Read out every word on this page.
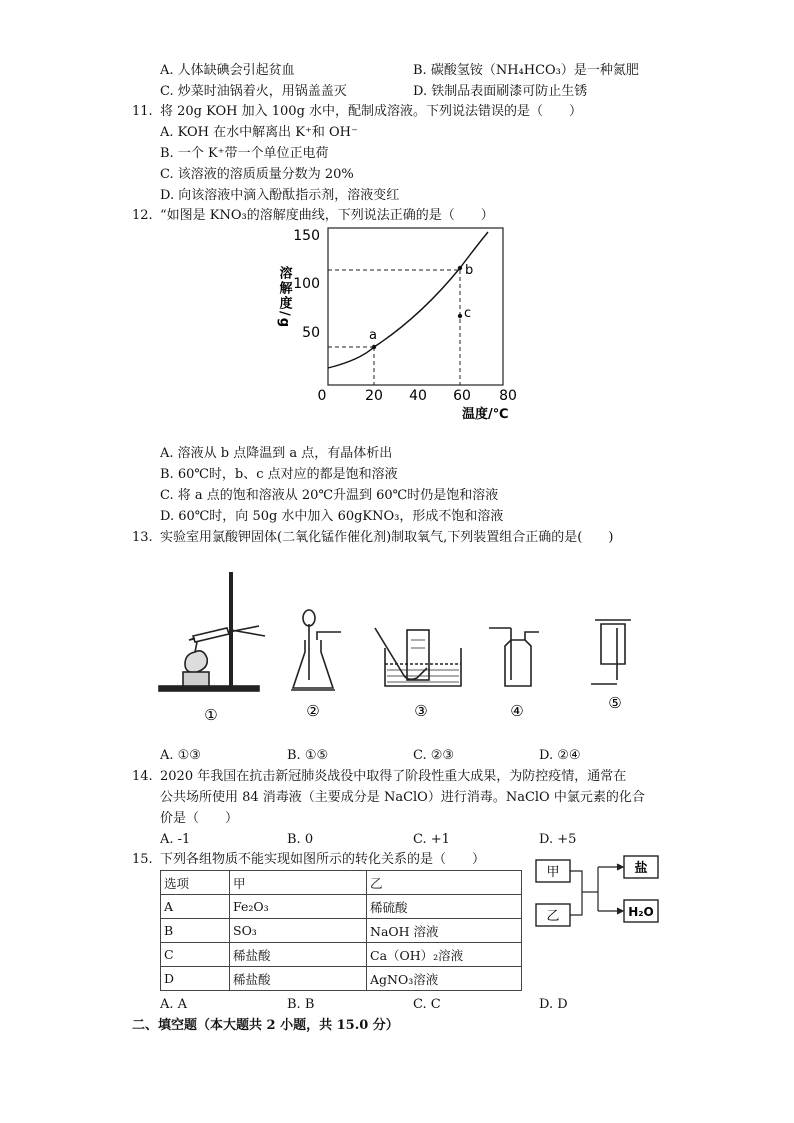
A. 人体缺碘会引起贫血	B. 碳酸氢铵（NH₄HCO₃）是一种氮肥
C. 炒菜时油锅着火，用锅盖盖灭	D. 铁制品表面刷漆可防止生锈
11. 将 20g KOH 加入 100g 水中，配制成溶液。下列说法错误的是（　　）
A. KOH 在水中解离出 K⁺和 OH⁻
B. 一个 K⁺带一个单位正电荷
C. 该溶液的溶质质量分数为 20%
D. 向该溶液中滴入酚酞指示剂，溶液变红
12. “如图是 KNO₃的溶解度曲线，下列说法正确的是（　　）
溶解度/g
150
100
50
0	20 40 60 80
温度/℃
a
b
c
A. 溶液从 b 点降温到 a 点，有晶体析出
B. 60℃时，b、c 点对应的都是饱和溶液
C. 将 a 点的饱和溶液从 20℃升温到 60℃时仍是饱和溶液
D. 60℃时，向 50g 水中加入 60gKNO₃，形成不饱和溶液
13. 实验室用氯酸钾固体(二氧化锰作催化剂)制取氧气,下列装置组合正确的是(　　)
①	②	③	④	⑤
A. ①③	B. ①⑤	C. ②③	D. ②④
14. 2020 年我国在抗击新冠肺炎战役中取得了阶段性重大成果，为防控疫情，通常在
公共场所使用 84 消毒液（主要成分是 NaClO）进行消毒。NaClO 中氯元素的化合
价是（　　）
A. -1	B. 0	C. +1	D. +5
15. 下列各组物质不能实现如图所示的转化关系的是（　　）
选项	甲	乙
A	Fe₂O₃	稀硫酸
B	SO₃	NaOH 溶液
C	稀盐酸	Ca（OH）₂溶液
D	稀盐酸	AgNO₃溶液
甲
乙
盐
H₂O
A. A	B. B	C. C	D. D
二、填空题（本大题共 2 小题，共 15.0 分）
